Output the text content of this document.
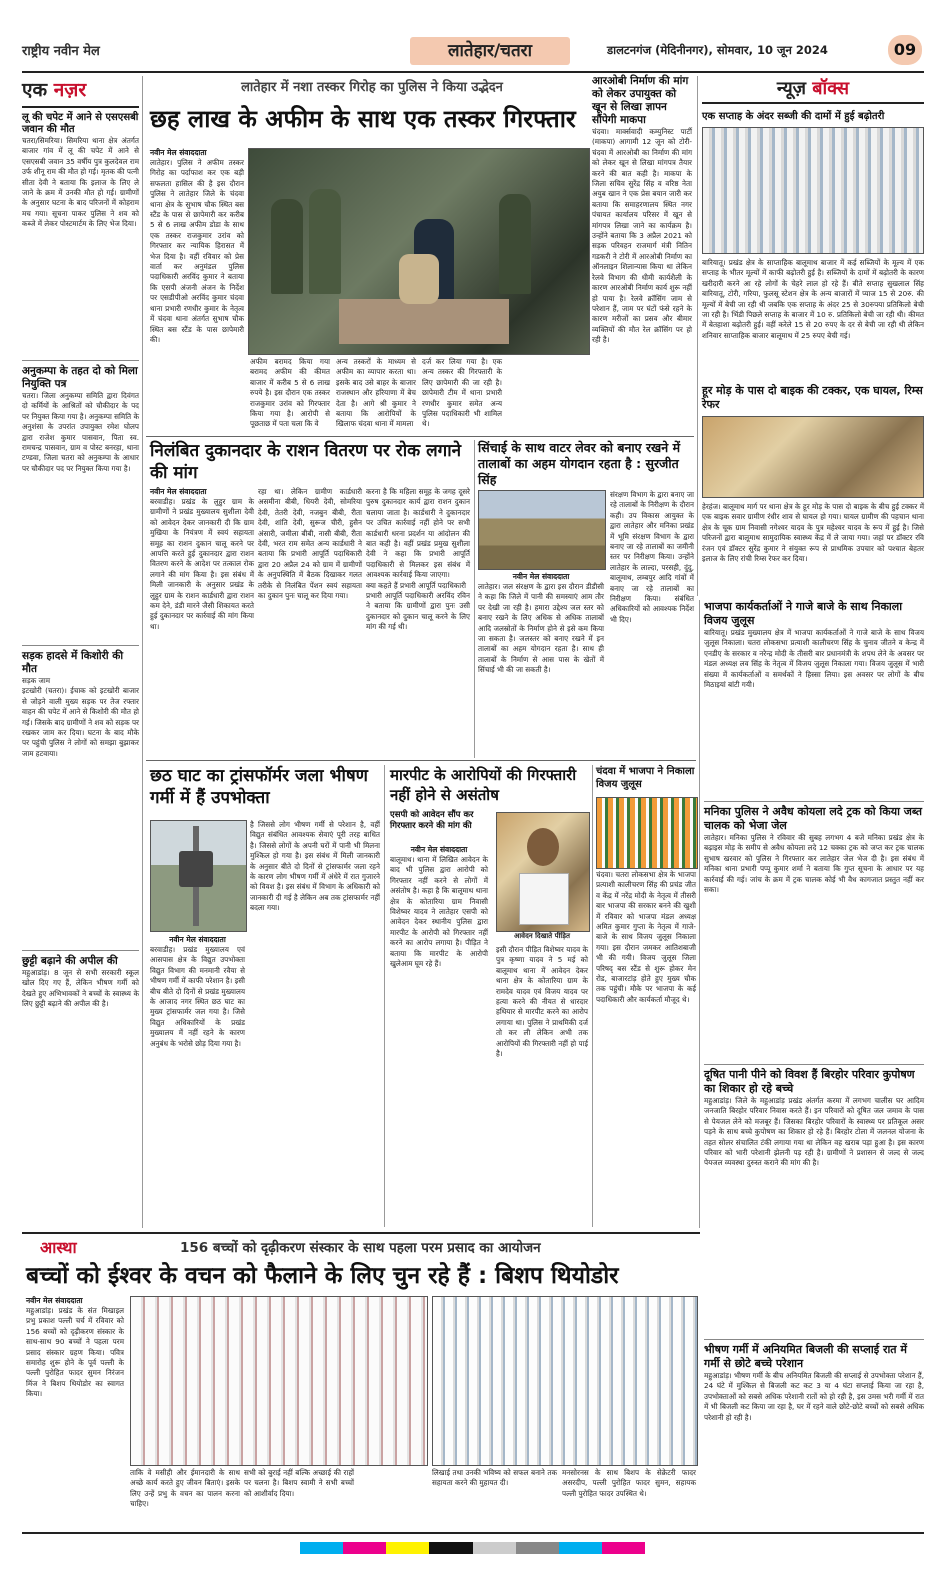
राष्ट्रीय नवीन मेल	लातेहार/चतरा	डालटनगंज (मेदिनीनगर), सोमवार, 10 जून 2024	09
एक नज़र
लू की चपेट में आने से एसएसबी जवान की मौत
चतरा/सिमरिया। सिमरिया थाना क्षेत्र अंतर्गत बाजार गांव में लू की चपेट में आने से एसएसबी जवान 35 वर्षीय पुत्र कुलदेवल राम उर्फ शीनू राम की मौत हो गई। मृतक की पत्नी सीता देवी ने बताया कि इलाज के लिए ले जाने के क्रम में उनकी मौत हो गई। ग्रामीणों के अनुसार घटना के बाद परिजनों में कोहराम मच गया। सूचना पाकर पुलिस ने शव को कब्जे में लेकर पोस्टमार्टम के लिए भेज दिया।
अनुकम्पा के तहत दो को मिला नियुक्ति पत्र
चतरा। जिला अनुकम्पा समिति द्वारा दिवंगत दो कर्मियों के आश्रितों को चौकीदार के पद पर नियुक्त किया गया है। अनुकम्पा समिति के अनुशंसा के उपरांत उपायुक्त रमेश घोलप द्वारा राजेश कुमार पासवान, पिता स्व. रामचन्द्र पासवान, ग्राम व पोस्ट बनरहा, थाना टण्डवा, जिला चतरा को अनुकम्पा के आधार पर चौकीदार पद पर नियुक्त किया गया है।
सड़क हादसे में किशोरी की मौत
सड़क जाम
इटखोरी (चतरा)। ईचाक को इटखोरी बाजार से जोड़ने वाली मुख्य सड़क पर तेज रफ्तार वाहन की चपेट में आने से किशोरी की मौत हो गई। जिसके बाद ग्रामीणों ने शव को सड़क पर रखकर जाम कर दिया। घटना के बाद मौके पर पहुंची पुलिस ने लोगों को समझा बुझाकर जाम हटवाया।
छुट्टी बढ़ाने की अपील की
महुआडांड़। 8 जून से सभी सरकारी स्कूल खोल दिए गए हैं, लेकिन भीषण गर्मी को देखते हुए अभिभावकों ने बच्चों के स्वास्थ्य के लिए छुट्टी बढ़ाने की अपील की है।
लातेहार में नशा तस्कर गिरोह का पुलिस ने किया उद्भेदन
छह लाख के अफीम के साथ एक तस्कर गिरफ्तार
नवीन मेल संवाददाता
लातेहार। पुलिस ने अफीम तस्कर गिरोह का पर्दाफाश कर एक बड़ी सफलता हासिल की है इस दौरान पुलिस ने लातेहार जिले के चंदवा थाना क्षेत्र के सुभाष चौक स्थित बस स्टैंड के पास से छापेमारी कर करीब 5 से 6 लाख अफीम डोडा के साथ एक तस्कर राजकुमार उरांव को गिरफ्तार कर न्यायिक हिरासत में भेज दिया है। वहीं रविवार को प्रेस वार्ता कर अनुमंडल पुलिस पदाधिकारी अरविंद कुमार ने बताया कि एसपी अंजनी अंजन के निर्देश पर एसडीपीओ अरविंद कुमार चंदवा थाना प्रभारी रणधीर कुमार के नेतृत्व में चंदवा थाना अंतर्गत सुभाष चौक स्थित बस स्टैंड के पास छापेमारी की।
अफीम बरामद किया गया बरामद अफीम की कीमत बाजार में करीब 5 से 6 लाख रुपये है। इस दौरान एक तस्कर राजकुमार उरांव को गिरफ्तार किया गया है। आरोपी से पूछताछ में पता चला कि वे
अन्य तस्करों के माध्यम से अफीम का व्यापार करता था। इसके बाद उसे बाहर के बाजार राजस्थान और हरियाणा में बेच देता है। आगे श्री कुमार ने बताया कि आरोपियों के खिलाफ चंदवा थाना में मामला
दर्ज कर लिया गया है। एक अन्य तस्कर की गिरफ्तारी के लिए छापेमारी की जा रही है। छापेमारी टीम में थाना प्रभारी रणधीर कुमार समेत अन्य पुलिस पदाधिकारी भी शामिल थे।
आरओबी निर्माण की मांग को लेकर उपायुक्त को खून से लिखा ज्ञापन सौंपेगी माकपा
चंदवा। मार्क्सवादी कम्युनिस्ट पार्टी (माकपा) आगामी 12 जून को टोरी-चंदवा में आरओबी का निर्माण की मांग को लेकर खून से लिखा मांगपत्र तैयार करने की बात कही है। माकपा के जिला सचिव सुरेंद्र सिंह व वरिष्ठ नेता अयुब खान ने एक प्रेस बयान जारी कर बताया कि समाहरणालय स्थित नगर पंचायत कार्यालय परिसर में खून से मांगपत्र लिखा जाने का कार्यक्रम है। उन्होंने बताया कि 3 अप्रैल 2021 को सड़क परिवहन राजमार्ग मंत्री नितिन गडकरी ने टोरी में आरओबी निर्माण का ऑनलाइन शिलान्यास किया था लेकिन रेलवे विभाग की धीमी कार्यशैली के कारण आरओबी निर्माण कार्य शुरू नहीं हो पाया है। रेलवे क्रॉसिंग जाम से परेशान हैं, जाम पर घंटों फंसे रहने के कारण मरीजों का प्रसव और बीमार व्यक्तियों की मौत रेल क्रॉसिंग पर हो रही है।
न्यूज़ बॉक्स
एक सप्ताह के अंदर सब्जी की दामों में हुई बढ़ोतरी
बारियातू। प्रखंड क्षेत्र के साप्ताहिक बालूमाथ बाजार में कई सब्जियों के मूल्य में एक सप्ताह के भीतर मूल्यों में काफी बढ़ोतरी हुई है। सब्जियों के दामों में बढ़ोतरी के कारण खरीदारी करने आ रहे लोगों के चेहरे लाल हो रहे हैं। बीते सप्ताह सुखलाल सिंह बारियातू, टोरी, गरिया, फुलसू स्टेशन क्षेत्र के अन्य बाजारों में प्याज 15 से 20रु. की मूल्यों में बेची जा रही थी जबकि एक सप्ताह के अंदर 25 से 30रुपया प्रतिकिलो बेची जा रही है। भिंडी पिछले सप्ताह के बाजार में 10 रु. प्रतिकिलो बेची जा रही थी। कीमत में बेतहाशा बढ़ोतरी हुई। वहीं करेले 15 से 20 रुपए के दर से बेची जा रही थी लेकिन शनिवार साप्ताहिक बाजार बालूमाथ में 25 रुपए बेची गई।
हूर मोड़ के पास दो बाइक की टक्कर, एक घायल, रिम्स रेफर
हेरहंज। बालूमाथ मार्ग पर थाना क्षेत्र के हूर मोड़ के पास दो बाइक के बीच हुई टक्कर में एक बाइक सवार ग्रामीण रंधीर शाव से घायल हो गया। घायल ग्रामीण की पहचान थाना क्षेत्र के चूक ग्राम निवासी नगेश्वर यादव के पुत्र महेश्वर यादव के रूप में हुई है। जिसे परिजनों द्वारा बालूमाथ सामुदायिक स्वास्थ्य केंद्र में ले जाया गया। जहां पर डॉक्टर रवि रंजन एवं डॉक्टर सुरेंद्र कुमार ने संयुक्त रूप से प्राथमिक उपचार को पश्चात बेहतर इलाज के लिए रांची रिम्स रेफर कर दिया।
निलंबित दुकानदार के राशन वितरण पर रोक लगाने की मांग
नवीन मेल संवाददाता
बरवाडीह। प्रखंड के लुहुर ग्राम के ग्रामीणों ने प्रखंड मुख्यालय सुशीला देवी को आवेदन देकर जानकारी दी कि ग्राम मुखिया के नियंत्रण में स्वयं सहायता समूह का राशन दुकान चालू करने पर आपत्ति करते हुई दुकानदार द्वारा राशन वितरण करने के आदेश पर तत्काल रोक लगाने की मांग किया है। इस संबंध में मिली जानकारी के अनुसार प्रखंड के लुहुर ग्राम के राशन कार्डधारी द्वारा राशन कम देने, डंडी मारने जैसी शिकायत करते हुई दुकानदार पर कार्रवाई की मांग किया था।
रहा था। लेकिन ग्रामीण कार्डधारी असमीना बीबी, धियरी देवी, सोमरिया देवी, तेतरी देवी, नजबुन बीबी, रीता देवी, शांति देवी, सुरूज चीरी, हुसैन अंसारी, जमीला बीबी, नासी बीबी, रीता देवी, भरत राम समेत अन्य कार्डधारी ने बताया कि प्रभारी आपूर्ति पदाधिकारी द्वारा 20 अप्रैल 24 को ग्राम में ग्रामीणों के अनुपस्थिति में बैठक दिखाकर गलत तरीके से निलंबित पेंशन स्वयं सहायता का दुकान पुनः चालू कर दिया गया।
करना है कि महिला समूह के जगह दूसरे पुरुष दुकानदार कार्य द्वारा राशन दुकान चलाया जाता है। कार्डधारी ने दुकानदार पर उचित कार्रवाई नहीं होने पर सभी कार्डधारी धरना प्रदर्शन या आंदोलन की बात कही है। वहीं प्रखंड प्रमुख सुशीला देवी ने कहा कि प्रभारी आपूर्ति पदाधिकारी से मिलकर इस संबंध में आवश्यक कार्रवाई किया जाएगा।
क्या कहते हैं प्रभारी आपूर्ति पदाधिकारी
प्रभारी आपूर्ति पदाधिकारी अरविंद रविन ने बताया कि ग्रामीणों द्वारा पुनः उसी दुकानदार को दुकान चालू करने के लिए मांग की गई थी।
सिंचाई के साथ वाटर लेवर को बनाए रखने में तालाबों का अहम योगदान रहता है : सुरजीत सिंह
नवीन मेल संवाददाता
लातेहार। जल संरक्षण के द्वारा इस दौरान डीडीसी ने कहा कि जिले में पानी की समस्याएं आम तौर पर देखी जा रही है। हमारा उद्देश्य जल स्तर को बनाए रखने के लिए अधिक से अधिक तालाबों आदि जलस्रोतों के निर्माण होने से इसे कम किया जा सकता है। जलस्तर को बनाए रखने में इन तालाबों का अहम योगदान रहता है। साथ ही तालाबों के निर्माण से आस पास के खेतों में सिंचाई भी की जा सकती है।
संरक्षण विभाग के द्वारा बनाए जा रहे तालाबों के निरीक्षण के दौरान कही। उप विकास आयुक्त के द्वारा लातेहार और मनिका प्रखंड में भूमि संरक्षण विभाग के द्वारा बनाए जा रहे तालाबों का जमीनी स्तर पर निरीक्षण किया। उन्होंने लातेहार के लाल्दा, परसही, दुंदु, बालूमाथ, लम्बपुर आदि गांवों में बनाए जा रहे तालाबों का निरीक्षण किया। संबंधित अधिकारियों को आवश्यक निर्देश भी दिए।
छठ घाट का ट्रांसफॉर्मर जला भीषण गर्मी में हैं उपभोक्ता
नवीन मेल संवाददाता
बरवाडीह। प्रखंड मुख्यालय एवं आसपास क्षेत्र के विद्युत उपभोक्ता विद्युत विभाग की मनमानी रवैया से भीषण गर्मी में काफी परेशान है। इसी बीच बीते दो दिनों से प्रखंड मुख्यालय के आजाद नगर स्थित छठ घाट का मुख्य ट्रांसफार्मर जल गया है। जिसे विद्युत अधिकारियों के प्रखंड मुख्यालय में नहीं रहने के कारण अनुबंध के भरोसे छोड़ दिया गया है।
है जिससे लोग भीषण गर्मी से परेशान है, वहीं विद्युत संबंधित आवश्यक सेवाएं पूरी तरह बाधित है। जिससे लोगों के अपनी घरों में पानी भी मिलना मुश्किल हो गया है। इस संबंध में मिली जानकारी के अनुसार बीते दो दिनों से ट्रांसफार्मर जला रहने के कारण लोग भीषण गर्मी में अंधेरे में रात गुजारने को विवश है। इस संबंध में विभाग के अधिकारी को जानकारी दी गई है लेकिन अब तक ट्रांसफार्मर नहीं बदला गया।
मारपीट के आरोपियों की गिरफ्तारी नहीं होने से असंतोष
एसपी को आवेदन सौंप कर गिरफ्तार करने की मांग की
नवीन मेल संवाददाता
बालूमाथ। थाना में लिखित आवेदन के बाद भी पुलिस द्वारा आरोपी को गिरफ्तार नहीं करने से लोगों में असंतोष है। कहा है कि बालूमाथ थाना क्षेत्र के कोतारिया ग्राम निवासी विशेष्वर यादव ने लातेहार एसपी को आवेदन देकर स्थानीय पुलिस द्वारा मारपीट के आरोपी को गिरफ्तार नहीं करने का आरोप लगाया है। पीड़ित ने बताया कि मारपीट के आरोपी खुलेआम घूम रहे हैं।
आवेदन दिखाते पीड़ित
इसी दौरान पीड़ित विशेष्वर यादव के पुत्र कृष्णा यादव ने 5 मई को बालूमाथ थाना में आवेदन देकर थाना क्षेत्र के कोतारिया ग्राम के रामदेव यादव एवं विजय यादव पर हत्या करने की नीयत से धारदार हथियार से मारपीट करने का आरोप लगाया था। पुलिस ने प्राथमिकी दर्ज तो कर ली लेकिन अभी तक आरोपियों की गिरफ्तारी नहीं हो पाई है।
चंदवा में भाजपा ने निकाला विजय जुलूस
चंदवा। चतरा लोकसभा क्षेत्र के भाजपा प्रत्याशी कालीचरण सिंह की प्रचंड जीत व केंद्र में नरेंद्र मोदी के नेतृत्व में तीसरी बार भाजपा की सरकार बनने की खुशी में रविवार को भाजपा मंडल अध्यक्ष अमित कुमार गुप्ता के नेतृत्व में गाजे-बाजे के साथ विजय जुलूस निकाला गया। इस दौरान जमकर आतिशबाजी भी की गयी। विजय जुलूस जिला परिषद् बस स्टैंड से शुरू होकर मेन रोड, बाजारटांड़ होते हुए मुख्य चौक तक पहुंची। मौके पर भाजपा के कई पदाधिकारी और कार्यकर्ता मौजूद थे।
भाजपा कार्यकर्ताओं ने गाजे बाजे के साथ निकाला विजय जुलूस
बारियातू। प्रखंड मुख्यालय क्षेत्र में भाजपा कार्यकर्ताओं ने गाजे बाजे के साथ विजय जुलूस निकाला। चतरा लोकसभा प्रत्याशी कालीचरण सिंह के चुनाव जीतने व केन्द्र में एनडीए के सरकार व नरेन्द्र मोदी के तीसरी बार प्रधानमंत्री के शपथ लेने के अवसर पर मंडल अध्यक्ष लव सिंह के नेतृत्व में विजय जुलूस निकाला गया। विजय जुलूस में भारी संख्या में कार्यकर्ताओं व समर्थकों ने हिस्सा लिया। इस अवसर पर लोगों के बीच मिठाइयां बांटी गयी।
मनिका पुलिस ने अवैध कोयला लदे ट्रक को किया जब्त चालक को भेजा जेल
लातेहार। मनिका पुलिस ने रविवार की सुबह लगभग 4 बजे मनिका प्रखंड क्षेत्र के बढ़ाइस मोड़ के समीप से अवैध कोयला लदे 12 चक्का ट्रक को जप्त कर ट्रक चालक सुभाष खरवार को पुलिस ने गिरफ्तार कर लातेहार जेल भेज दी है। इस संबंध में मनिका थाना प्रभारी पप्पू कुमार शर्मा ने बताया कि गुप्त सूचना के आधार पर यह कार्रवाई की गई। जांच के क्रम में ट्रक चालक कोई भी वैध कागजात प्रस्तुत नहीं कर सका।
दूषित पानी पीने को विवश हैं बिरहोर परिवार कुपोषण का शिकार हो रहे बच्चे
महुआडांड़। जिले के महुआडांड़ प्रखंड अंतर्गत करमा में लगभग चालीस घर आदिम जनजाति बिरहोर परिवार निवास करते हैं। इन परिवारों को दूषित जल जमाव के पास से पेयजल लेने को मजबूर हैं। जिसका बिरहोर परिवारों के स्वास्थ्य पर प्रतिकूल असर पड़ने के साथ बच्चे कुपोषण का शिकार हो रहे हैं। बिरहोर टोला में जलनल योजना के तहत सोलर संचालित टंकी लगाया गया था लेकिन वह खराब पड़ा हुआ है। इस कारण परिवार को भारी परेशानी झेलनी पड़ रही है। ग्रामीणों ने प्रशासन से जल्द से जल्द पेयजल व्यवस्था दुरुस्त कराने की मांग की है।
भीषण गर्मी में अनियमित बिजली की सप्लाई रात में गर्मी से छोटे बच्चे परेशान
महुआडांड़। भीषण गर्मी के बीच अनियमित बिजली की सप्लाई से उपभोक्ता परेशान हैं, 24 घंटे में मुश्किल से बिजली कट कट 3 या 4 घंटा सप्लाई किया जा रहा है, उपभोक्ताओं को सबसे अधिक परेशानी रातों को हो रही है, इस उमस भरी गर्मी में रात में भी बिजली कट किया जा रहा है, घर में रहने वाले छोटे-छोटे बच्चों को सबसे अधिक परेशानी हो रही है।
आस्था	156 बच्चों को दृढ़ीकरण संस्कार के साथ पहला परम प्रसाद का आयोजन
बच्चों को ईश्वर के वचन को फैलाने के लिए चुन रहे हैं : बिशप थियोडोर
नवीन मेल संवाददाता
महुआडांड़। प्रखंड के संत मिखाइल प्रभु प्रकाश पल्ली चर्च में रविवार को 156 बच्चों को दृढ़ीकरण संस्कार के साथ-साथ 90 बच्चों ने पहला परम प्रसाद संस्कार ग्रहण किया। पवित्र समारोह शुरू होने के पूर्व पल्ली के पल्ली पुरोहित फादर सुमन निरंजन मिंज ने बिशप थियोडोर का स्वागत किया।
ताकि वे मसीही और ईमानदारी के साथ अच्छे कार्य करते हुए जीवन बिताएं। इसके लिए उन्हें प्रभु के वचन का पालन करना चाहिए।
सभी को बुराई नहीं बल्कि अच्छाई की राहों पर चलना है। बिशप स्वामी ने सभी बच्चों को आशीर्वाद दिया।
लिखाई तथा उनकी भविष्य को सफल बनाने तक सहायता करने की मुहायत दी।
मनसोरनस के साथ बिशप के सेक्रेटरी फादर असरदीप, पल्ली पुरोहित फादर सुमन, सहायक पल्ली पुरोहित फादर उपस्थित थे।
